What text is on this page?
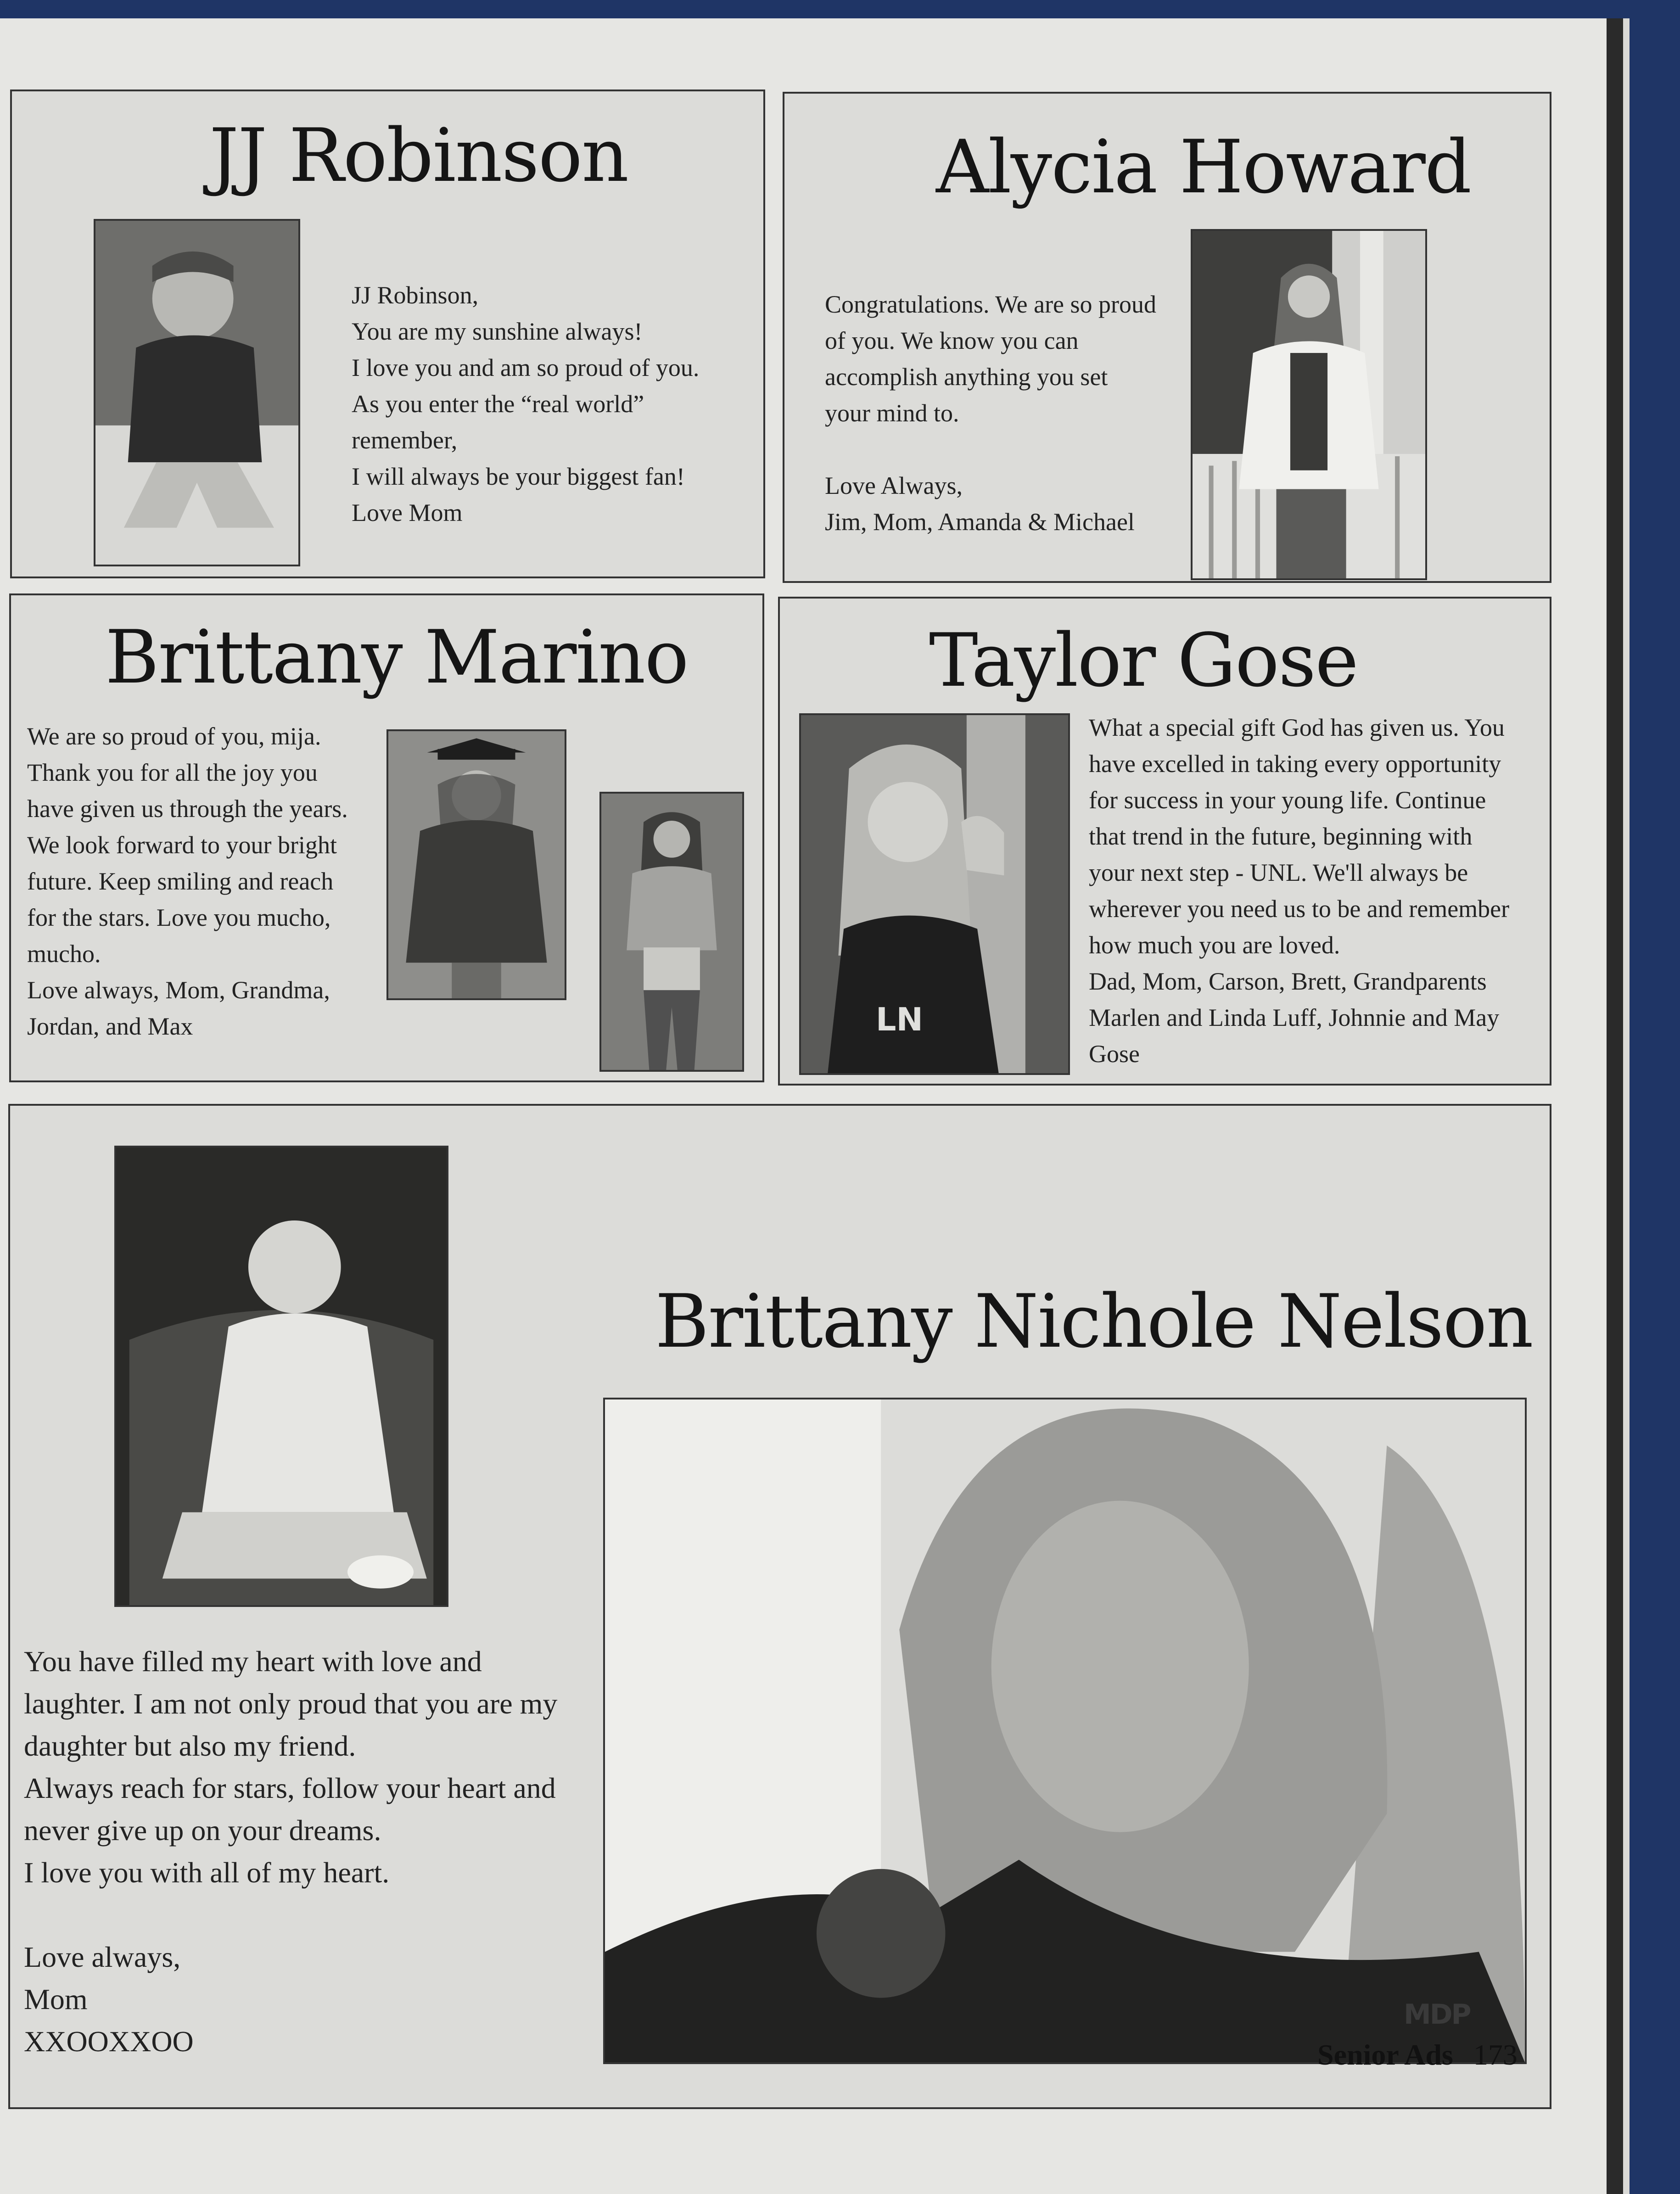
JJ Robinson
JJ Robinson,
You are my sunshine always!
I love you and am so proud of you.
As you enter the “real world”
remember,
I will always be your biggest fan!
Love Mom
Alycia Howard
Congratulations. We are so proud
of you. We know you can
accomplish anything you set
your mind to.

Love Always,
Jim, Mom, Amanda & Michael
Brittany Marino
We are so proud of you, mija.
Thank you for all the joy you
have given us through the years.
We look forward to your bright
future. Keep smiling and reach
for the stars. Love you mucho,
mucho.
Love always, Mom, Grandma,
Jordan, and Max
Taylor Gose
LN
What a special gift God has given us. You
have excelled in taking every opportunity
for success in your young life. Continue
that trend in the future, beginning with
your next step - UNL. We'll always be
wherever you need us to be and remember
how much you are loved.
Dad, Mom, Carson, Brett, Grandparents
Marlen and Linda Luff, Johnnie and May
Gose
Brittany Nichole Nelson
You have filled my heart with love and
laughter. I am not only proud that you are my
daughter but also my friend.
Always reach for stars, follow your heart and
never give up on your dreams.
I love you with all of my heart.

Love always,
Mom
XXOOXXOO
MDP
Senior Ads 173
